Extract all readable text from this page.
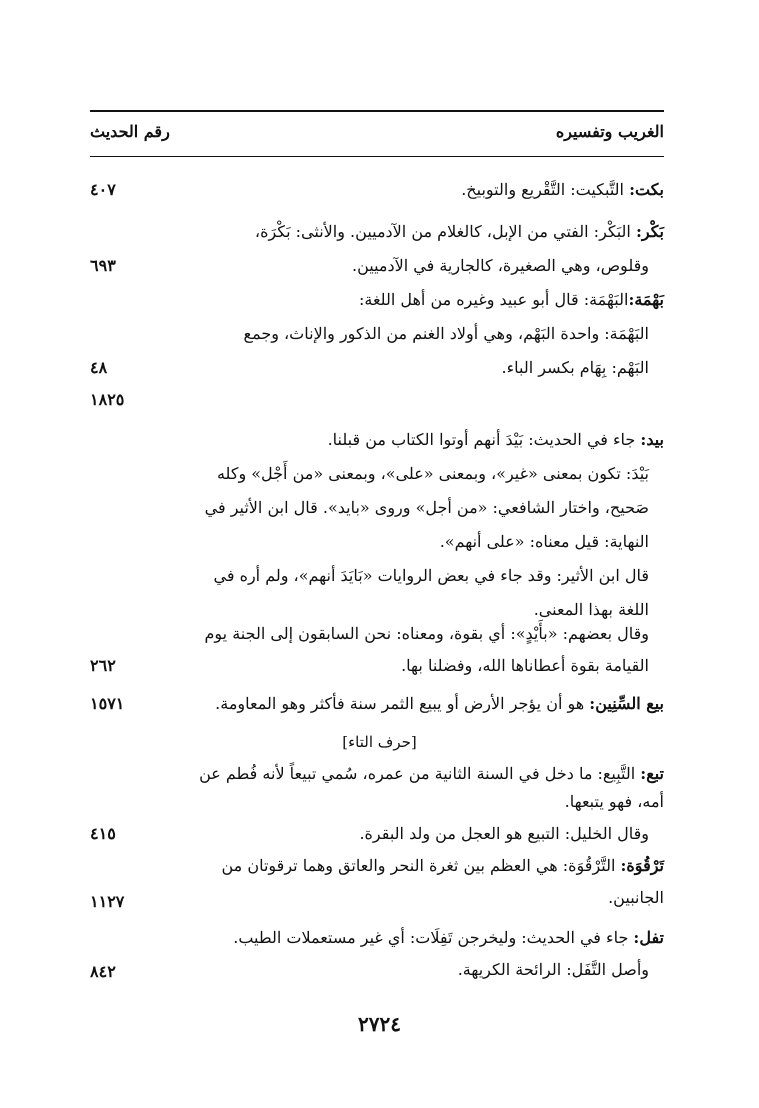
الغريب وتفسيره
رقم الحديث
بكت: التَّبكيت: التَّقْريع والتوبيخ.
٤٠٧
بَكْر: البَكْر: الفتي من الإبل، كالغلام من الآدميين. والأنثى: بَكْرَة،
وقلوص، وهي الصغيرة، كالجارية في الآدميين.
٦٩٣
بَهْمَة:البَهْمَة: قال أبو عبيد وغيره من أهل اللغة:
البَهْمَة: واحدة البَهْم، وهي أولاد الغنم من الذكور والإناث، وجمع
البَهْم: بِهَام بكسر الباء.
٤٨
١٨٢٥
بيد: جاء في الحديث: بَيْدَ أنهم أوتوا الكتاب من قبلنا.
بَيْدَ: تكون بمعنى «غير»، وبمعنى «على»، وبمعنى «من أَجْل» وكله
صَحيح، واختار الشافعي: «من أجل» وروى «بايد». قال ابن الأثير في
النهاية: قيل معناه: «على أنهم».
قال ابن الأثير: وقد جاء في بعض الروايات «بَايَدَ أنهم»، ولم أره في
اللغة بهذا المعنى.
وقال بعضهم: «بأَيْدٍ»: أي بقوة، ومعناه: نحن السابقون إلى الجنة يوم
القيامة بقوة أعطاناها الله، وفضلنا بها.
٢٦٢
بيع السِّنِين: هو أن يؤجر الأرض أو يبيع الثمر سنة فأكثر وهو المعاومة.
١٥٧١
[حرف التاء]
تبع: التَّبِيع: ما دخل في السنة الثانية من عمره، سُمي تبيعاً لأنه فُطم عن
أمه، فهو يتبعها.
وقال الخليل: التبيع هو العجل من ولد البقرة.
٤١٥
تَرْقُوَة: التَّرْقُوَة: هي العظم بين ثغرة النحر والعاتق وهما ترقوتان من
الجانبين.
١١٢٧
تفل: جاء في الحديث: وليخرجن تَفِلَات: أي غير مستعملات الطيب.
وأصل التَّفَل: الرائحة الكريهة.
٨٤٢
٢٧٢٤
